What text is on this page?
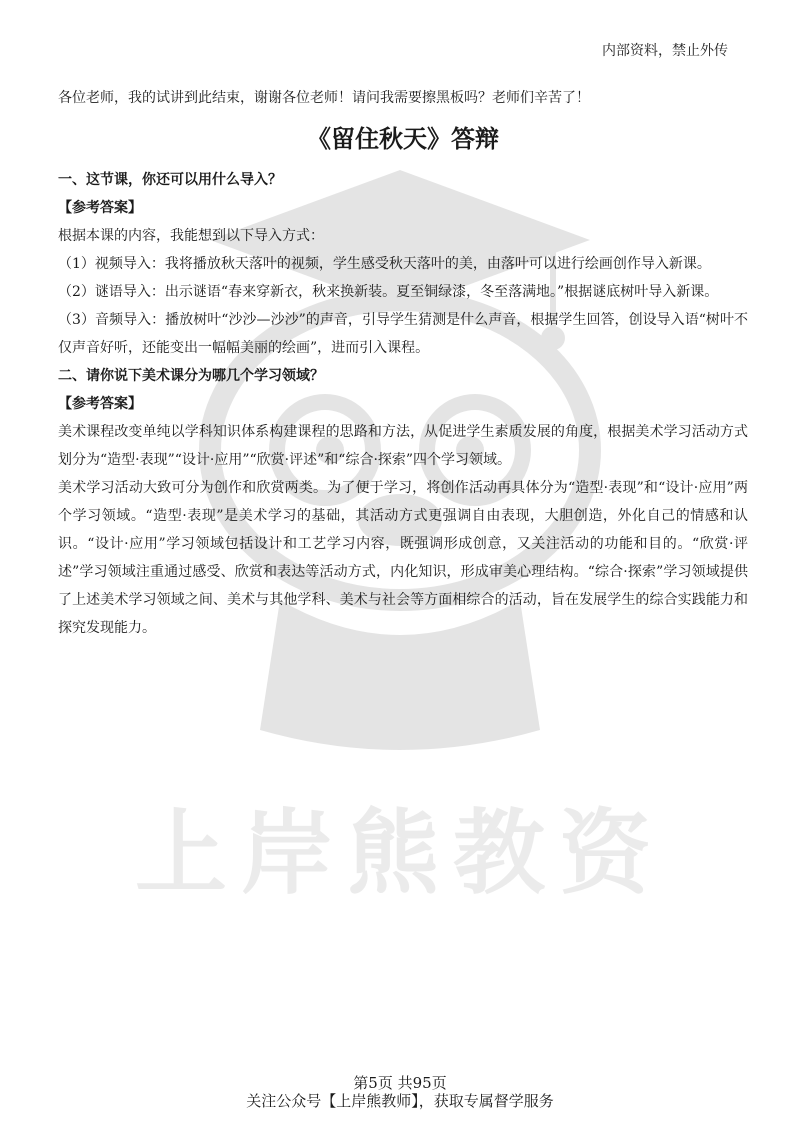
上岸熊教资
内部资料，禁止外传

各位老师，我的试讲到此结束，谢谢各位老师！请问我需要擦黑板吗？老师们辛苦了！

《留住秋天》答辩

一、这节课，你还可以用什么导入？

【参考答案】

根据本课的内容，我能想到以下导入方式：

（1）视频导入：我将播放秋天落叶的视频，学生感受秋天落叶的美，由落叶可以进行绘画创作导入新课。

（2）谜语导入：出示谜语“春来穿新衣，秋来换新装。夏至铜绿漆，冬至落满地。”根据谜底树叶导入新课。

（3）音频导入：播放树叶“沙沙—沙沙”的声音，引导学生猜测是什么声音，根据学生回答，创设导入语“树叶不仅声音好听，还能变出一幅幅美丽的绘画”，进而引入课程。

二、请你说下美术课分为哪几个学习领域？

【参考答案】

美术课程改变单纯以学科知识体系构建课程的思路和方法，从促进学生素质发展的角度，根据美术学习活动方式划分为“造型·表现”“设计·应用”“欣赏·评述”和“综合·探索”四个学习领域。

美术学习活动大致可分为创作和欣赏两类。为了便于学习，将创作活动再具体分为“造型·表现”和“设计·应用”两个学习领域。“造型·表现”是美术学习的基础，其活动方式更强调自由表现，大胆创造，外化自己的情感和认识。“设计·应用”学习领域包括设计和工艺学习内容，既强调形成创意，又关注活动的功能和目的。“欣赏·评述”学习领域注重通过感受、欣赏和表达等活动方式，内化知识，形成审美心理结构。“综合·探索”学习领域提供了上述美术学习领域之间、美术与其他学科、美术与社会等方面相综合的活动，旨在发展学生的综合实践能力和探究发现能力。

第5页 共95页
关注公众号【上岸熊教师】，获取专属督学服务
